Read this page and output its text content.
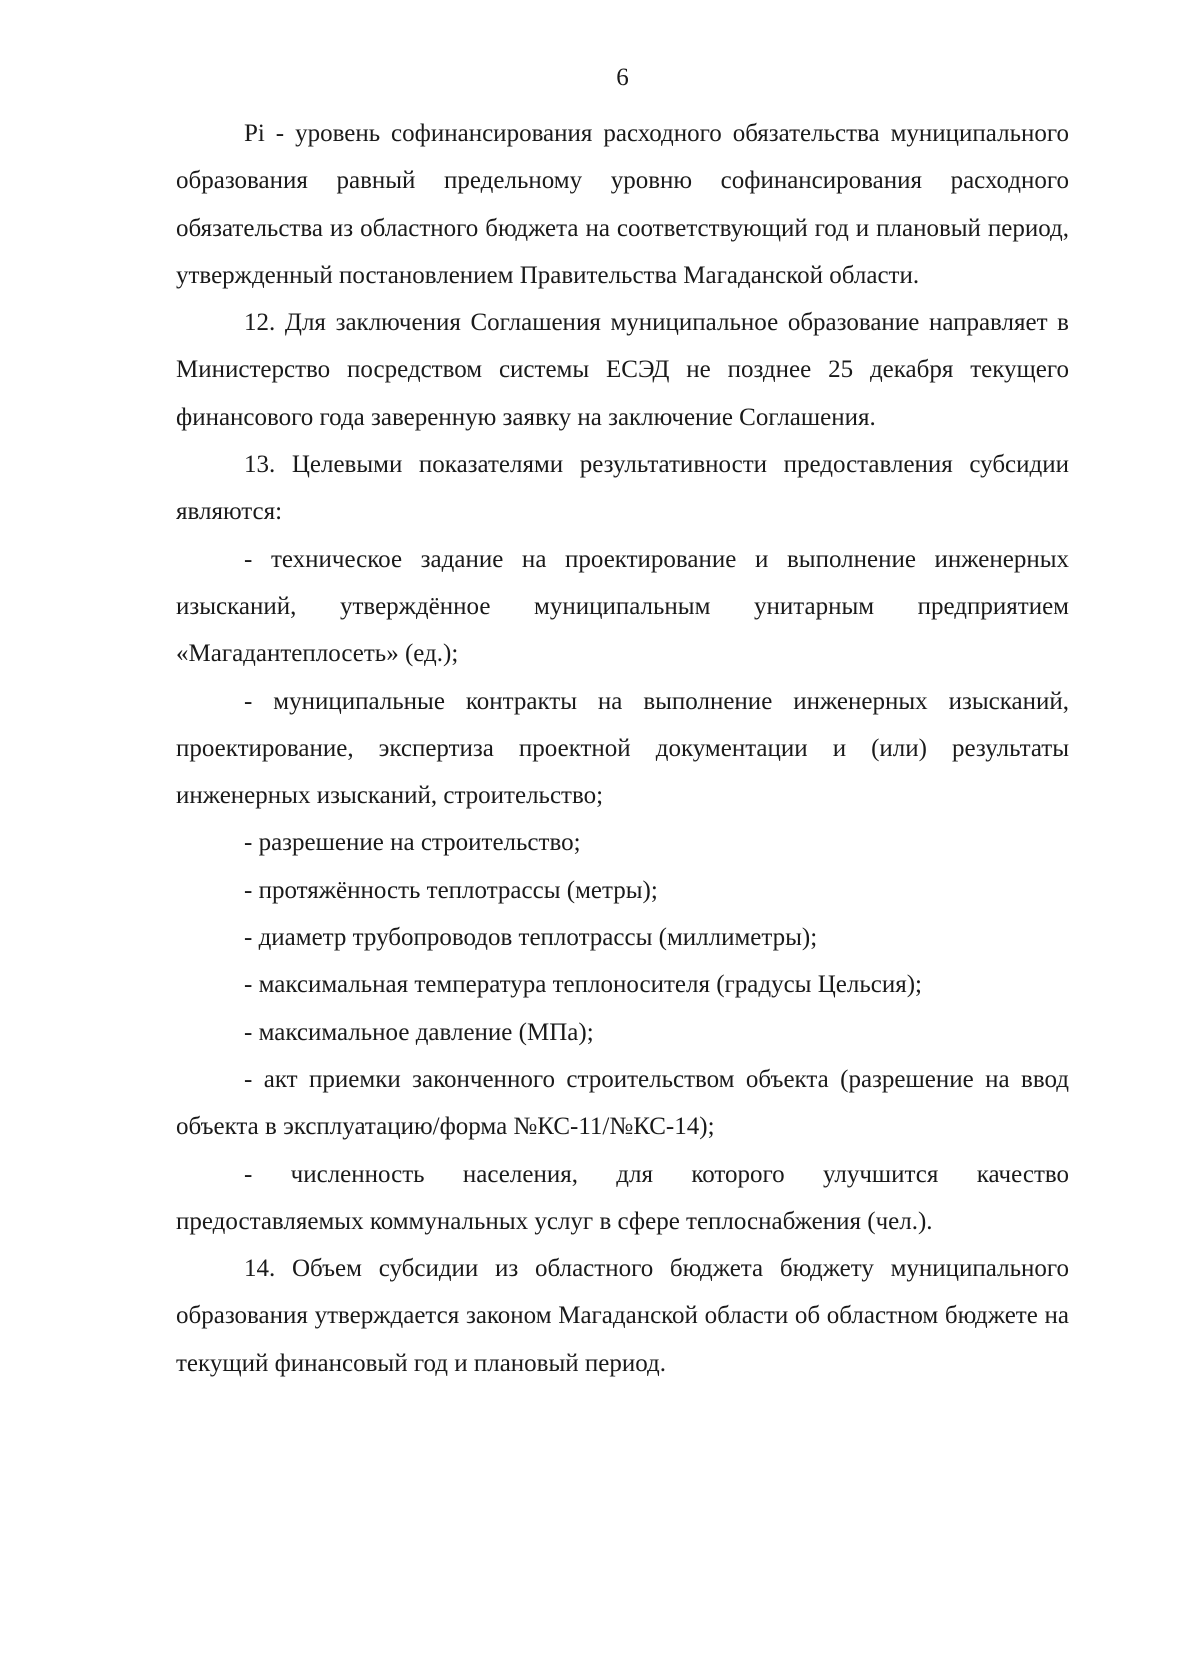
6

Pi - уровень софинансирования расходного обязательства муниципального образования равный предельному уровню софинансирования расходного обязательства из областного бюджета на соответствующий год и плановый период, утвержденный постановлением Правительства Магаданской области.

12. Для заключения Соглашения муниципальное образование направляет в Министерство посредством системы ЕСЭД не позднее 25 декабря текущего финансового года заверенную заявку на заключение Соглашения.

13. Целевыми показателями результативности предоставления субсидии являются:

- техническое задание на проектирование и выполнение инженерных изысканий, утверждённое муниципальным унитарным предприятием «Магадантеплосеть» (ед.);

- муниципальные контракты на выполнение инженерных изысканий, проектирование, экспертиза проектной документации и (или) результаты инженерных изысканий, строительство;

- разрешение на строительство;

- протяжённость теплотрассы (метры);

- диаметр трубопроводов теплотрассы (миллиметры);

- максимальная температура теплоносителя (градусы Цельсия);

- максимальное давление (МПа);

- акт приемки законченного строительством объекта (разрешение на ввод объекта в эксплуатацию/форма №КС-11/№КС-14);

- численность населения, для которого улучшится качество предоставляемых коммунальных услуг в сфере теплоснабжения (чел.).

14. Объем субсидии из областного бюджета бюджету муниципального образования утверждается законом Магаданской области об областном бюджете на текущий финансовый год и плановый период.
